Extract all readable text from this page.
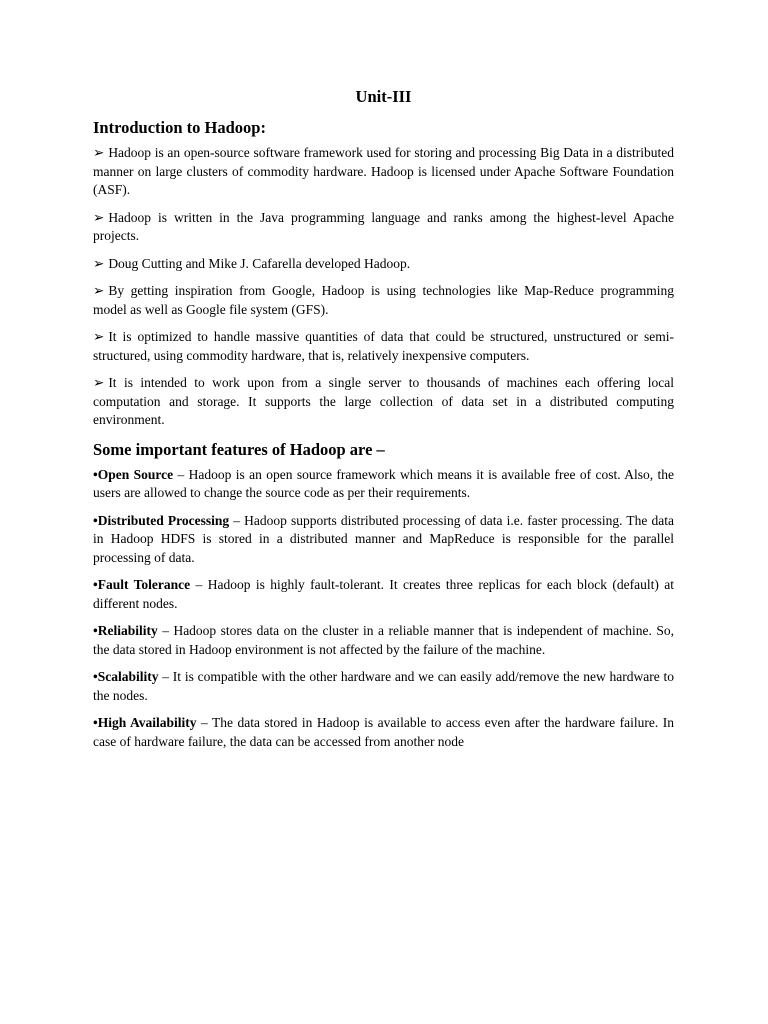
Unit-III
Introduction to Hadoop:

➢ Hadoop is an open-source software framework used for storing and processing Big Data in a distributed manner on large clusters of commodity hardware. Hadoop is licensed under Apache Software Foundation (ASF).

➢ Hadoop is written in the Java programming language and ranks among the highest-level Apache projects.

➢ Doug Cutting and Mike J. Cafarella developed Hadoop.

➢ By getting inspiration from Google, Hadoop is using technologies like Map-Reduce programming model as well as Google file system (GFS).

➢ It is optimized to handle massive quantities of data that could be structured, unstructured or semi-structured, using commodity hardware, that is, relatively inexpensive computers.

➢ It is intended to work upon from a single server to thousands of machines each offering local computation and storage. It supports the large collection of data set in a distributed computing environment.

Some important features of Hadoop are –

•Open Source – Hadoop is an open source framework which means it is available free of cost. Also, the users are allowed to change the source code as per their requirements.

•Distributed Processing – Hadoop supports distributed processing of data i.e. faster processing. The data in Hadoop HDFS is stored in a distributed manner and MapReduce is responsible for the parallel processing of data.

•Fault Tolerance – Hadoop is highly fault-tolerant. It creates three replicas for each block (default) at different nodes.

•Reliability – Hadoop stores data on the cluster in a reliable manner that is independent of machine. So, the data stored in Hadoop environment is not affected by the failure of the machine.

•Scalability – It is compatible with the other hardware and we can easily add/remove the new hardware to the nodes.

•High Availability – The data stored in Hadoop is available to access even after the hardware failure. In case of hardware failure, the data can be accessed from another node
